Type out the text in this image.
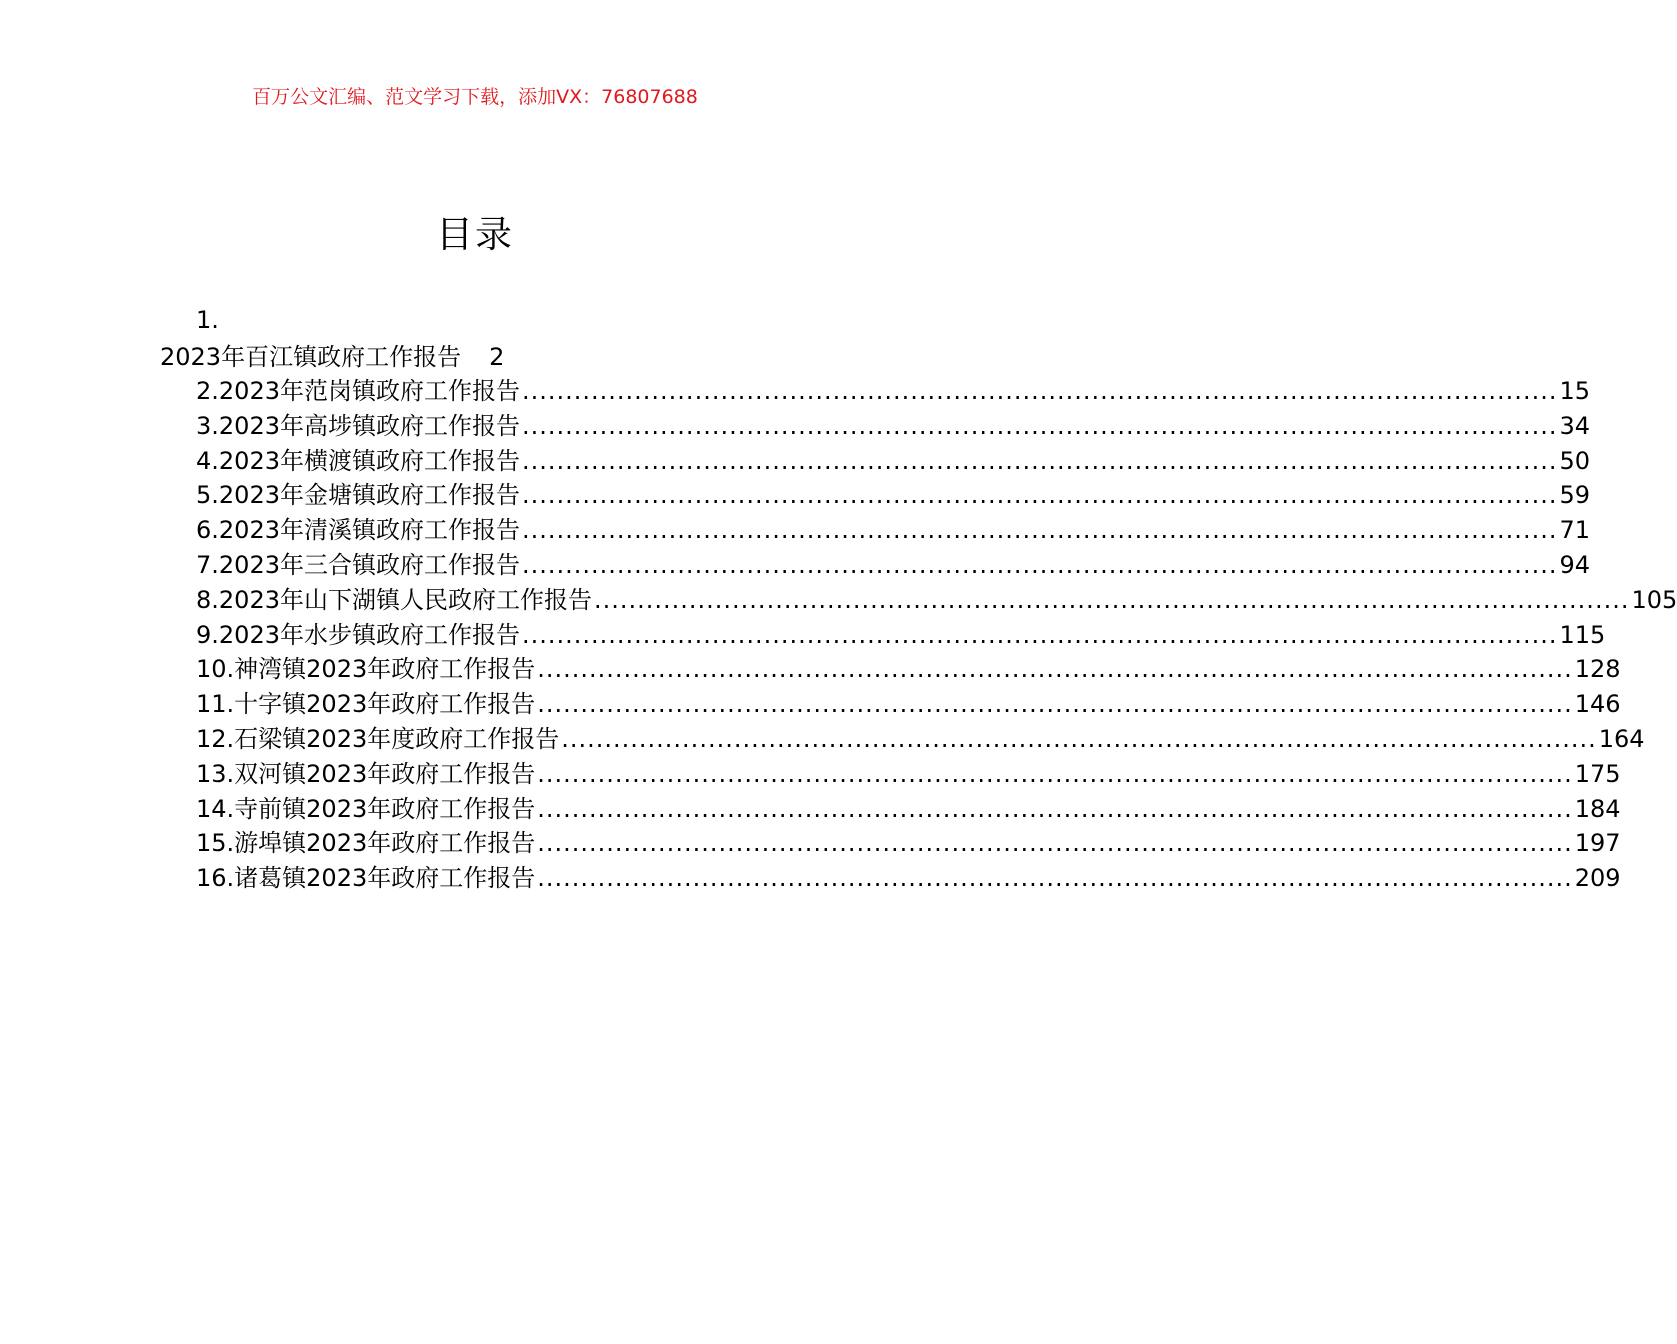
百万公文汇编、范文学习下载，添加VX：76807688
目录
1.
2023年百江镇政府工作报告 2
2.2023年范岗镇政府工作报告 ........................................................................................................................ 15
3.2023年高埗镇政府工作报告 ........................................................................................................................ 34
4.2023年横渡镇政府工作报告 ........................................................................................................................ 50
5.2023年金塘镇政府工作报告 ........................................................................................................................ 59
6.2023年清溪镇政府工作报告 ........................................................................................................................ 71
7.2023年三合镇政府工作报告 ........................................................................................................................ 94
8.2023年山下湖镇人民政府工作报告 ........................................................................................................................ 105
9.2023年水步镇政府工作报告 ........................................................................................................................ 115
10.神湾镇2023年政府工作报告 ........................................................................................................................ 128
11.十字镇2023年政府工作报告 ........................................................................................................................ 146
12.石梁镇2023年度政府工作报告 ........................................................................................................................ 164
13.双河镇2023年政府工作报告 ........................................................................................................................ 175
14.寺前镇2023年政府工作报告 ........................................................................................................................ 184
15.游埠镇2023年政府工作报告 ........................................................................................................................ 197
16.诸葛镇2023年政府工作报告 ........................................................................................................................ 209
